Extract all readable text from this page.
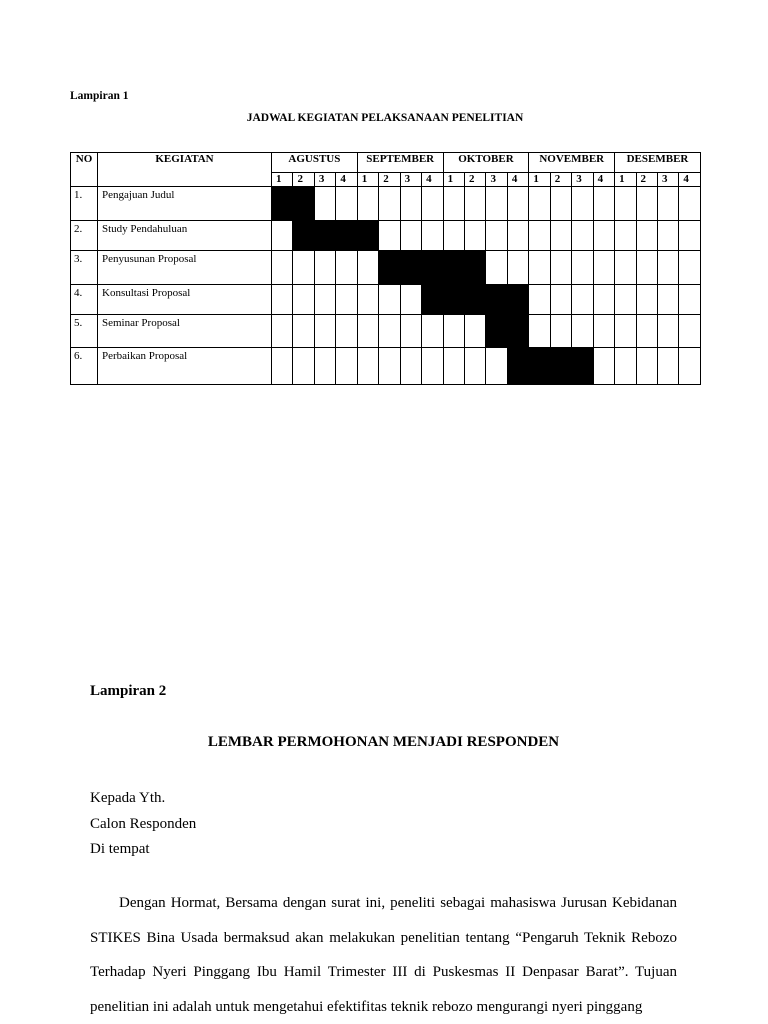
Lampiran 1
JADWAL KEGIATAN PELAKSANAAN PENELITIAN
NO	KEGIATAN	AGUSTUS				SEPTEMBER				OKTOBER				NOVEMBER				DESEMBER			
		1	2	3	4	1	2	3	4	1	2	3	4	1	2	3	4	1	2	3	4
1.	Pengajuan Judul																				
2.	Study Pendahuluan																				
3.	Penyusunan Proposal																				
4.	Konsultasi Proposal																				
5.	Seminar Proposal																				
6.	Perbaikan Proposal																				
Lampiran 2
LEMBAR PERMOHONAN MENJADI RESPONDEN
Kepada Yth.
Calon Responden
Di tempat
Dengan Hormat, Bersama dengan surat ini, peneliti sebagai mahasiswa Jurusan Kebidanan STIKES Bina Usada bermaksud akan melakukan penelitian tentang “Pengaruh Teknik Rebozo Terhadap Nyeri Pinggang Ibu Hamil Trimester III di Puskesmas II Denpasar Barat”. Tujuan penelitian ini adalah untuk mengetahui efektifitas teknik rebozo mengurangi nyeri pinggang
